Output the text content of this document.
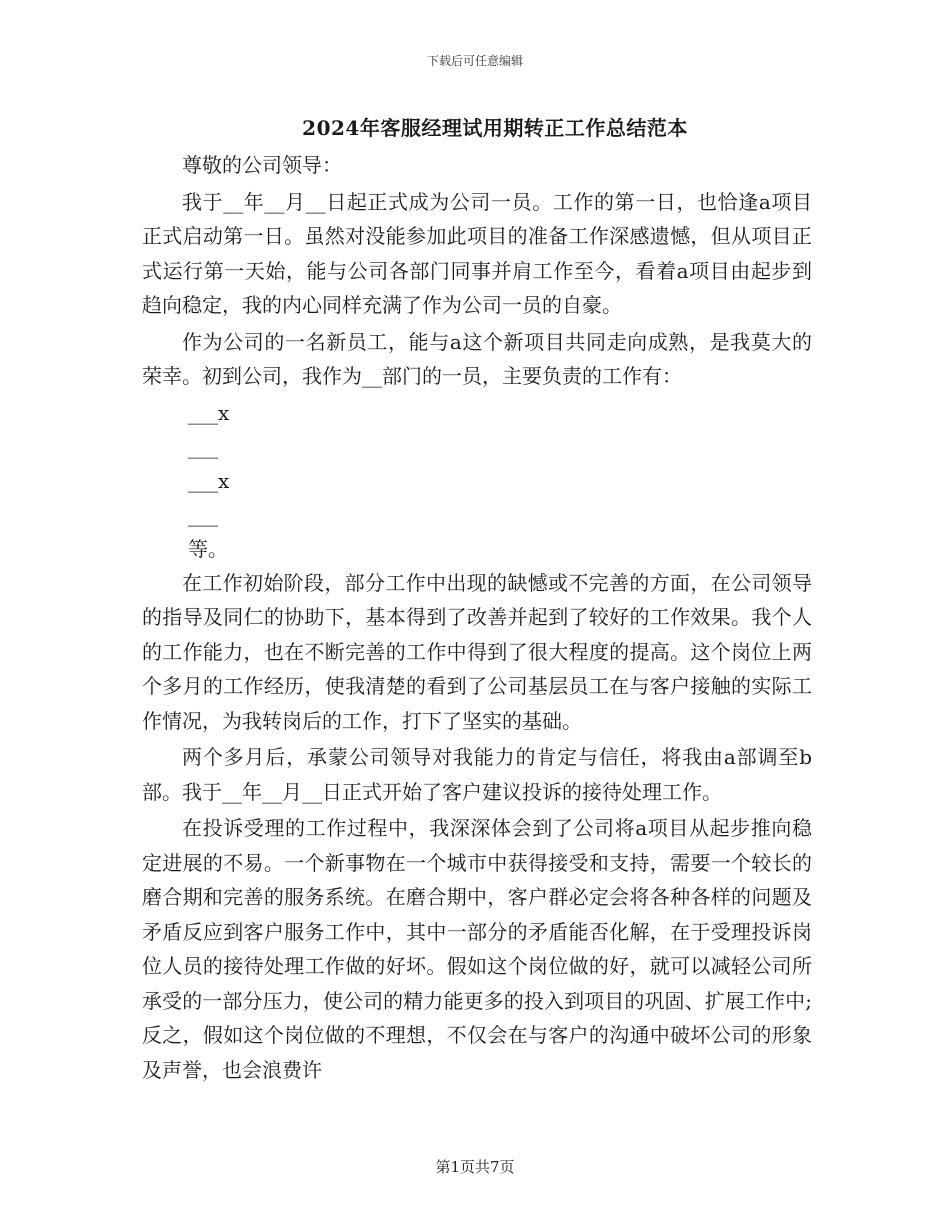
下载后可任意编辑
2024年客服经理试用期转正工作总结范本

尊敬的公司领导：

我于__年__月__日起正式成为公司一员。工作的第一日，也恰逢a项目正式启动第一日。虽然对没能参加此项目的准备工作深感遗憾，但从项目正式运行第一天始，能与公司各部门同事并肩工作至今，看着a项目由起步到趋向稳定，我的内心同样充满了作为公司一员的自豪。

作为公司的一名新员工，能与a这个新项目共同走向成熟，是我莫大的荣幸。初到公司，我作为__部门的一员，主要负责的工作有：

___x

___

___x

___

等。

在工作初始阶段，部分工作中出现的缺憾或不完善的方面，在公司领导的指导及同仁的协助下，基本得到了改善并起到了较好的工作效果。我个人的工作能力，也在不断完善的工作中得到了很大程度的提高。这个岗位上两个多月的工作经历，使我清楚的看到了公司基层员工在与客户接触的实际工作情况，为我转岗后的工作，打下了坚实的基础。

两个多月后，承蒙公司领导对我能力的肯定与信任，将我由a部调至b部。我于__年__月__日正式开始了客户建议投诉的接待处理工作。

在投诉受理的工作过程中，我深深体会到了公司将a项目从起步推向稳定进展的不易。一个新事物在一个城市中获得接受和支持，需要一个较长的磨合期和完善的服务系统。在磨合期中，客户群必定会将各种各样的问题及矛盾反应到客户服务工作中，其中一部分的矛盾能否化解，在于受理投诉岗位人员的接待处理工作做的好坏。假如这个岗位做的好，就可以减轻公司所承受的一部分压力，使公司的精力能更多的投入到项目的巩固、扩展工作中;反之，假如这个岗位做的不理想，不仅会在与客户的沟通中破坏公司的形象及声誉，也会浪费许

第1页共7页
